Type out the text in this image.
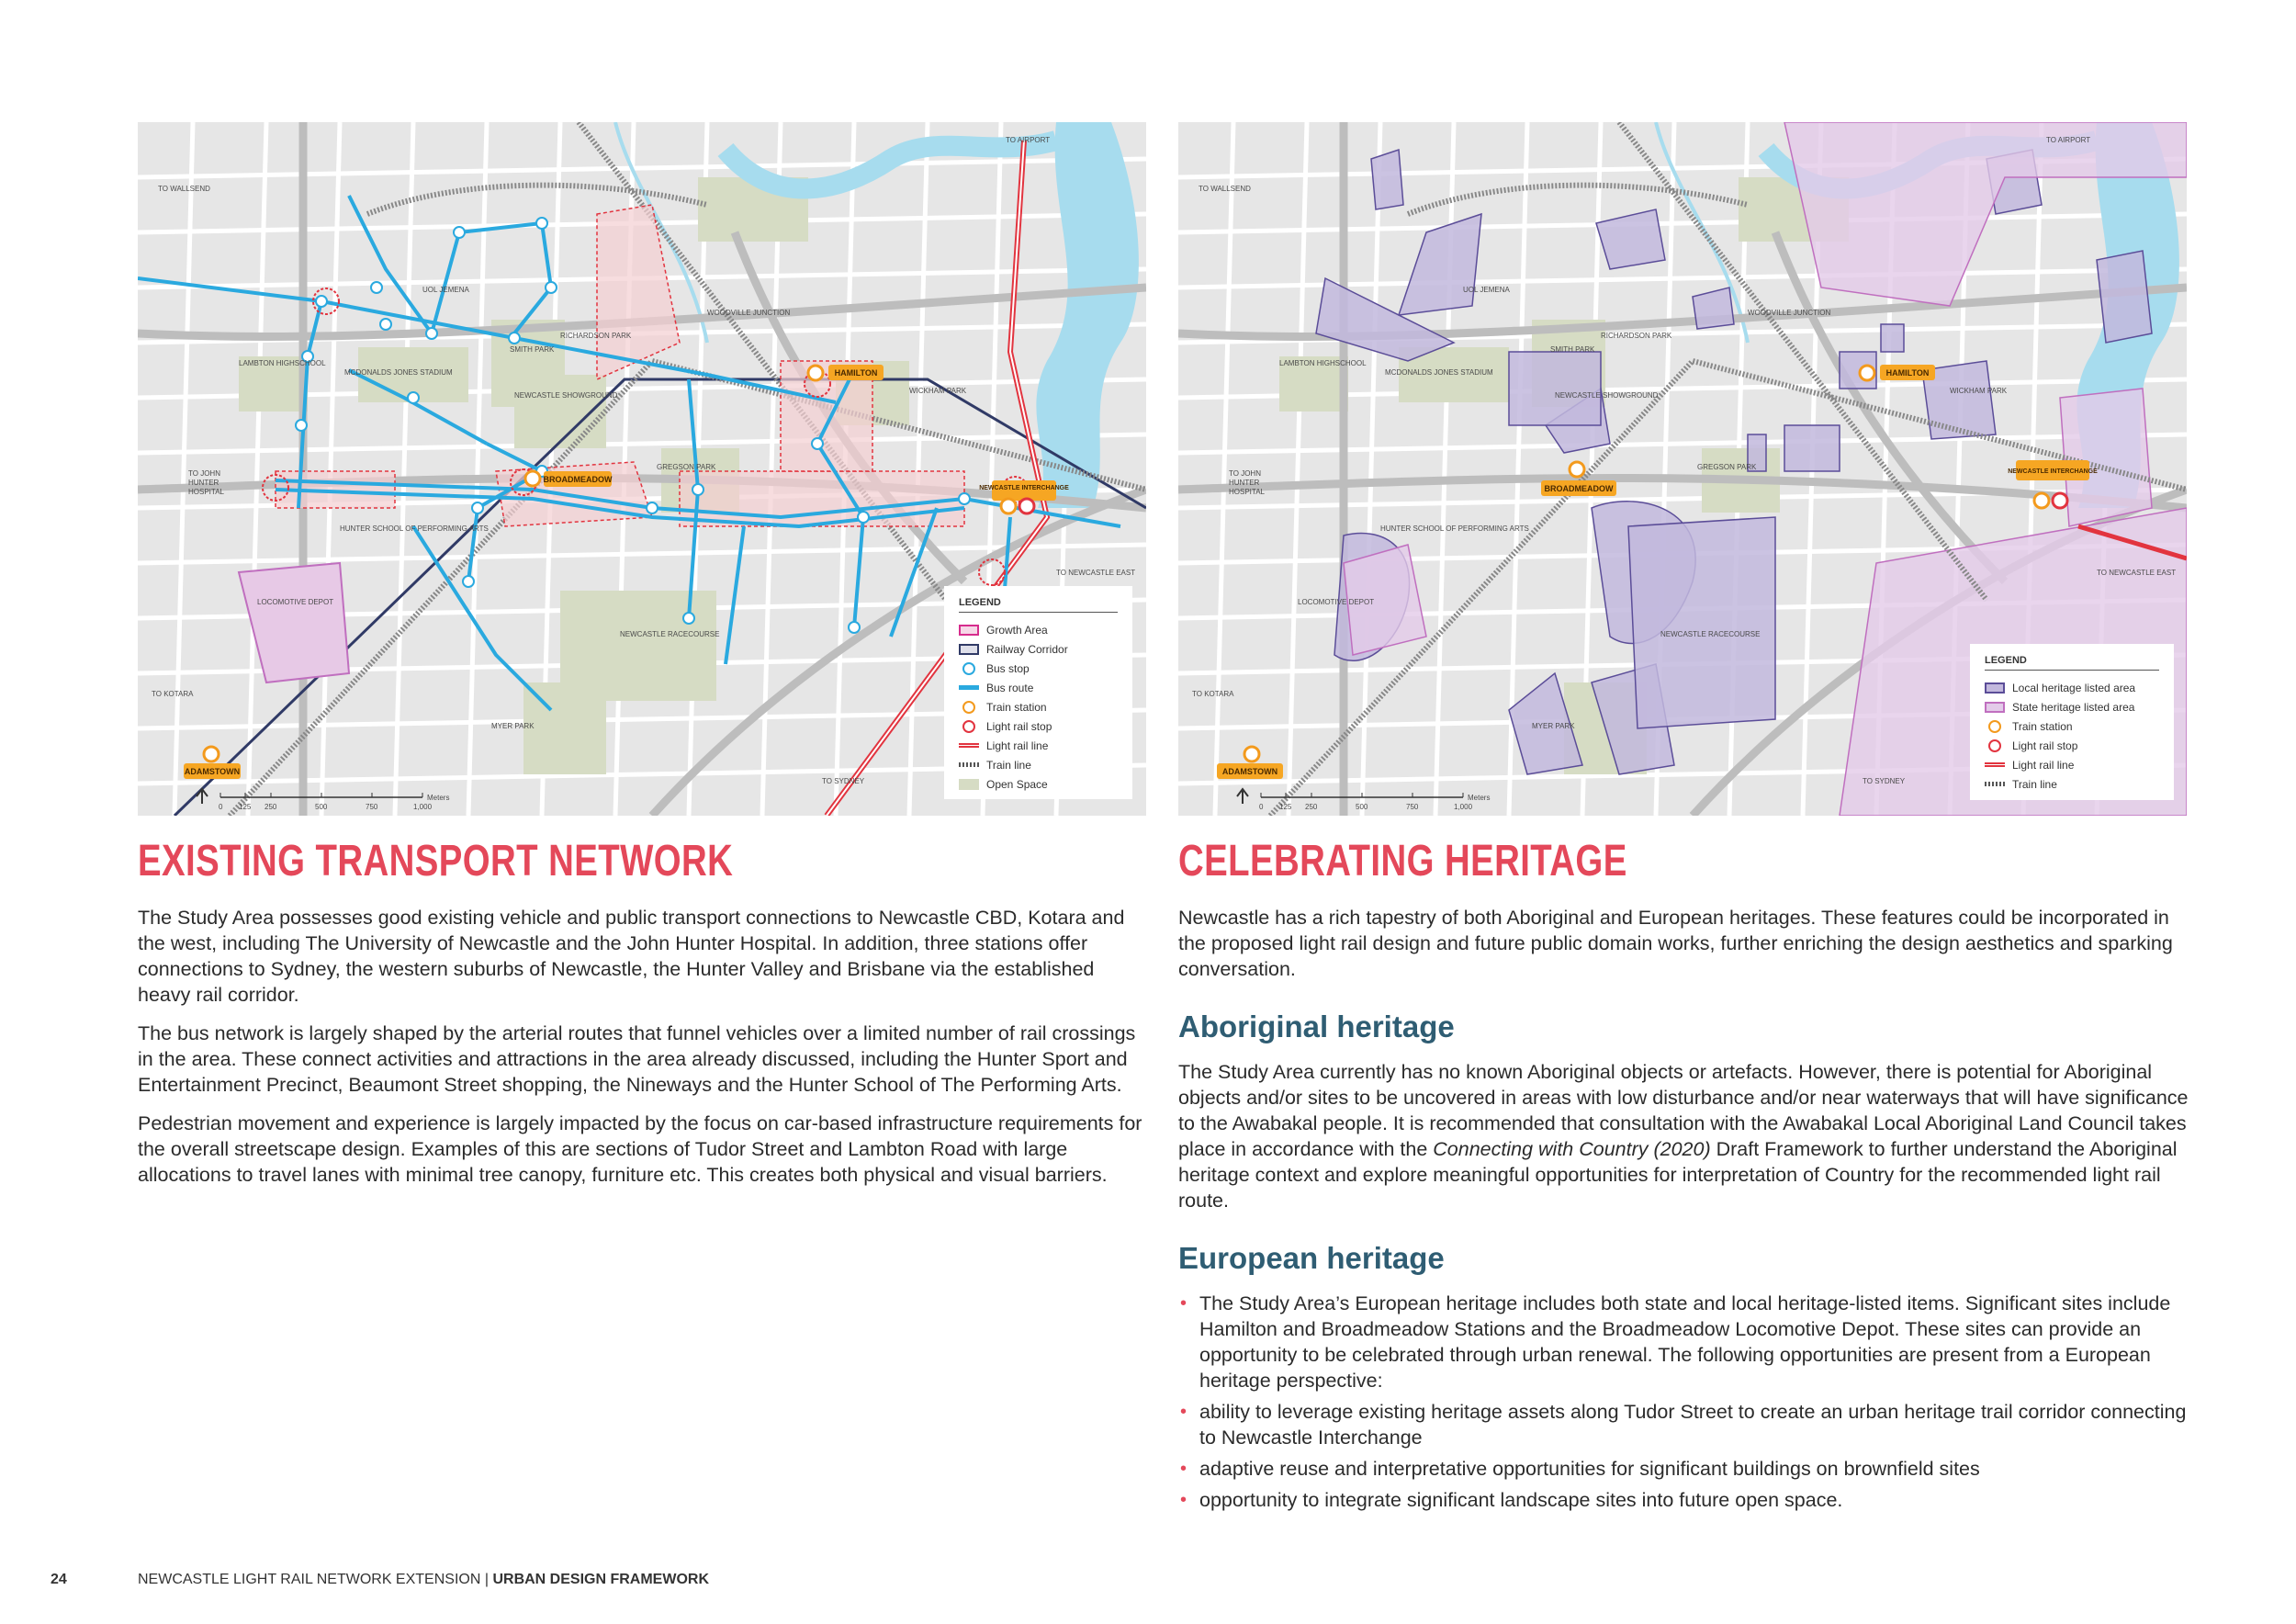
HAMILTON
BROADMEADOW
ADAMSTOWN
NEWCASTLE INTERCHANGE
TO WALLSEND
TO AIRPORT
TO JOHN
HUNTER
HOSPITAL
TO KOTARA
TO SYDNEY
TO NEWCASTLE EAST
SMITH PARK
UOL JEMENA
LAMBTON HIGHSCHOOL
MCDONALDS JONES STADIUM
NEWCASTLE SHOWGROUND
GREGSON PARK
WICKHAM PARK
NEWCASTLE RACECOURSE
MYER PARK
HUNTER SCHOOL OF PERFORMING ARTS
LOCOMOTIVE DEPOT
WOODVILLE JUNCTION
RICHARDSON PARK
0 125 250	500	750	1,000
Meters
LEGEND
Growth Area
Railway Corridor
Bus stop
Bus route
Train station
Light rail stop
Light rail line
Train line
Open Space
HAMILTON
BROADMEADOW
ADAMSTOWN
NEWCASTLE INTERCHANGE
TO WALLSEND
TO AIRPORT
TO JOHN
HUNTER
HOSPITAL
TO KOTARA
TO SYDNEY
TO NEWCASTLE EAST
SMITH PARK
UOL JEMENA
LAMBTON HIGHSCHOOL
MCDONALDS JONES STADIUM
NEWCASTLE SHOWGROUND
GREGSON PARK
WICKHAM PARK
NEWCASTLE RACECOURSE
MYER PARK
HUNTER SCHOOL OF PERFORMING ARTS
LOCOMOTIVE DEPOT
WOODVILLE JUNCTION
RICHARDSON PARK
0 125 250	500	750	1,000
Meters
LEGEND
Local heritage listed area
State heritage listed area
Train station
Light rail stop
Light rail line
Train line
EXISTING TRANSPORT NETWORK	CELEBRATING HERITAGE

The Study Area possesses good existing vehicle and public transport connections to Newcastle CBD, Kotara and the west, including The University of Newcastle and the John Hunter Hospital. In addition, three stations offer connections to Sydney, the western suburbs of Newcastle, the Hunter Valley and Brisbane via the established heavy rail corridor.

The bus network is largely shaped by the arterial routes that funnel vehicles over a limited number of rail crossings in the area. These connect activities and attractions in the area already discussed, including the Hunter Sport and Entertainment Precinct, Beaumont Street shopping, the Nineways and the Hunter School of The Performing Arts.

Pedestrian movement and experience is largely impacted by the focus on car-based infrastructure requirements for the overall streetscape design. Examples of this are sections of Tudor Street and Lambton Road with large allocations to travel lanes with minimal tree canopy, furniture etc. This creates both physical and visual barriers.

Newcastle has a rich tapestry of both Aboriginal and European heritages. These features could be incorporated in the proposed light rail design and future public domain works, further enriching the design aesthetics and sparking conversation.

Aboriginal heritage

The Study Area currently has no known Aboriginal objects or artefacts. However, there is potential for Aboriginal objects and/or sites to be uncovered in areas with low disturbance and/or near waterways that will have significance to the Awabakal people. It is recommended that consultation with the Awabakal Local Aboriginal Land Council takes place in accordance with the Connecting with Country (2020) Draft Framework to further understand the Aboriginal heritage context and explore meaningful opportunities for interpretation of Country for the recommended light rail route.

European heritage
• The Study Area’s European heritage includes both state and local heritage-listed items. Significant sites include Hamilton and Broadmeadow Stations and the Broadmeadow Locomotive Depot. These sites can provide an opportunity to be celebrated through urban renewal. The following opportunities are present from a European heritage perspective:
• ability to leverage existing heritage assets along Tudor Street to create an urban heritage trail corridor connecting to Newcastle Interchange
• adaptive reuse and interpretative opportunities for significant buildings on brownfield sites
• opportunity to integrate significant landscape sites into future open space.
24	NEWCASTLE LIGHT RAIL NETWORK EXTENSION | URBAN DESIGN FRAMEWORK
